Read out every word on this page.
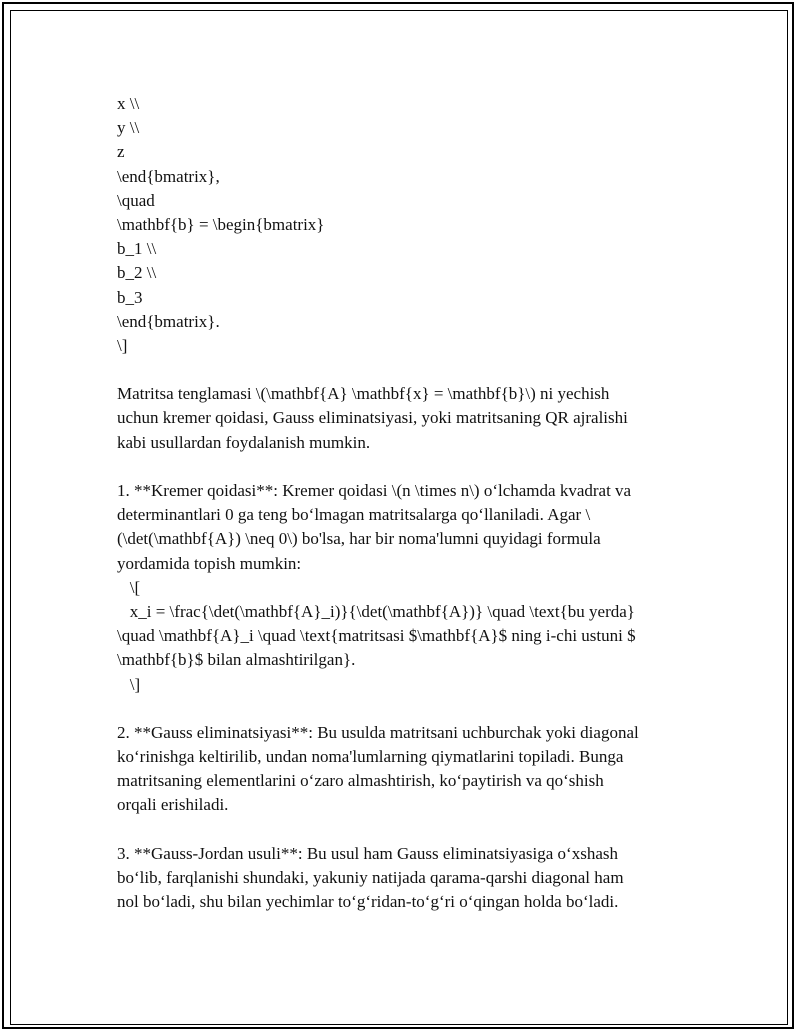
x \\
y \\
z
\end{bmatrix},
\quad
\mathbf{b} = \begin{bmatrix}
b_1 \\
b_2 \\
b_3
\end{bmatrix}.
\]
Matritsa tenglamasi \(\mathbf{A} \mathbf{x} = \mathbf{b}\) ni yechish
uchun kremer qoidasi, Gauss eliminatsiyasi, yoki matritsaning QR ajralishi
kabi usullardan foydalanish mumkin.
1. **Kremer qoidasi**: Kremer qoidasi \(n \times n\) o‘lchamda kvadrat va
determinantlari 0 ga teng bo‘lmagan matritsalarga qo‘llaniladi. Agar \
(\det(\mathbf{A}) \neq 0\) bo'lsa, har bir noma'lumni quyidagi formula
yordamida topish mumkin:
\[
x_i = \frac{\det(\mathbf{A}_i)}{\det(\mathbf{A})} \quad \text{bu yerda}
\quad \mathbf{A}_i \quad \text{matritsasi $\mathbf{A}$ ning i-chi ustuni $
\mathbf{b}$ bilan almashtirilgan}.
\]
2. **Gauss eliminatsiyasi**: Bu usulda matritsani uchburchak yoki diagonal
ko‘rinishga keltirilib, undan noma'lumlarning qiymatlarini topiladi. Bunga
matritsaning elementlarini o‘zaro almashtirish, ko‘paytirish va qo‘shish
orqali erishiladi.
3. **Gauss-Jordan usuli**: Bu usul ham Gauss eliminatsiyasiga o‘xshash
bo‘lib, farqlanishi shundaki, yakuniy natijada qarama-qarshi diagonal ham
nol bo‘ladi, shu bilan yechimlar to‘g‘ridan-to‘g‘ri o‘qingan holda bo‘ladi.
